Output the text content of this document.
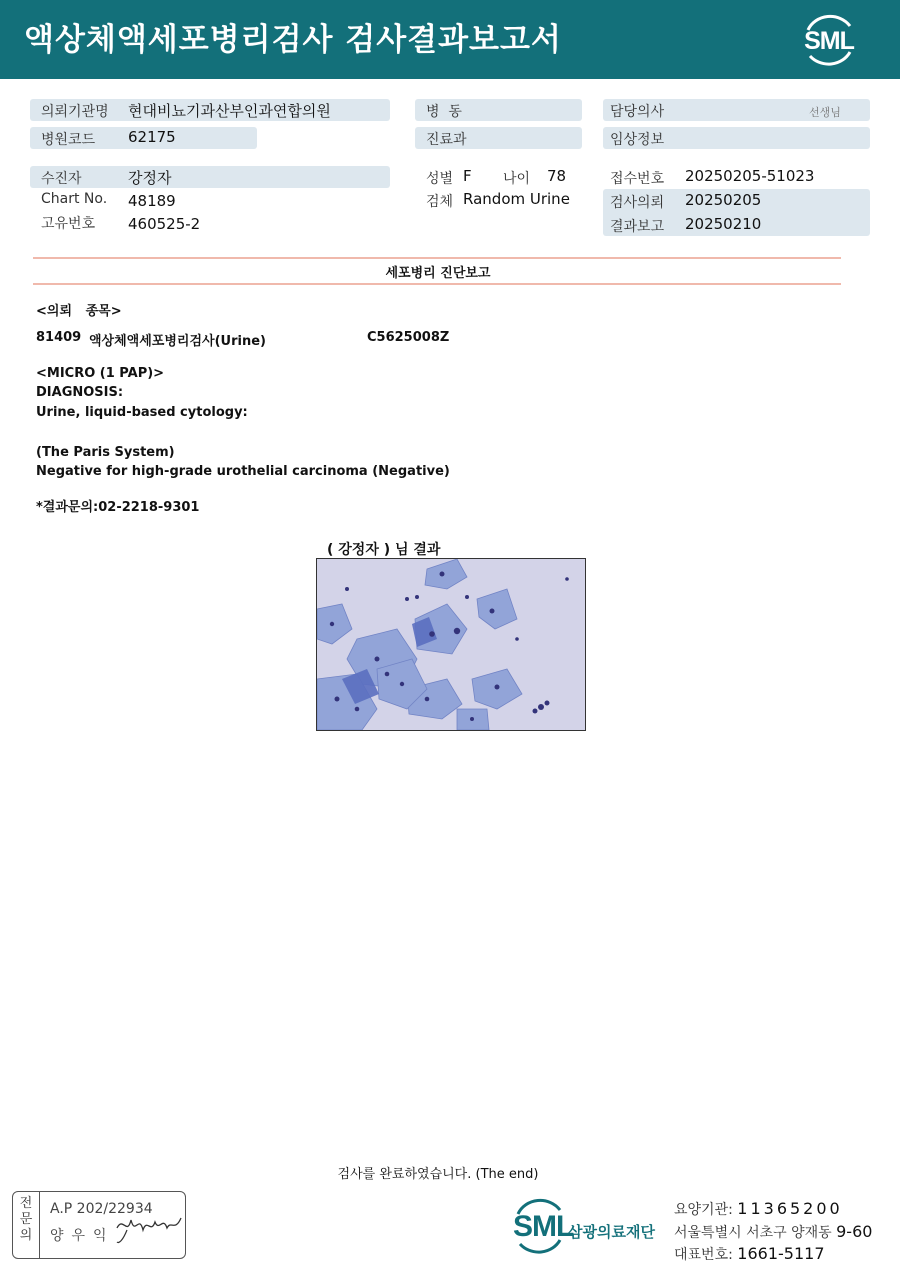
액상체액세포병리검사 검사결과보고서	SML
의뢰기관명 현대비뇨기과산부인과연합의원
병원코드 62175
병  동
진료과
담당의사	선생님
임상정보
수진자	강정자
Chart No. 48189
고유번호 460525-2
성별 F 나이 78
검체 Random Urine
접수번호 20250205-51023
검사의뢰 20250205
결과보고 20250210
세포병리 진단보고
<의뢰   종목>
81409 액상체액세포병리검사(Urine)	C5625008Z
<MICRO (1 PAP)>
DIAGNOSIS:
Urine, liquid-based cytology:
(The Paris System)
Negative for high-grade urothelial carcinoma (Negative)
*결과문의:02-2218-9301
( 강정자 ) 님 결과
검사를 완료하였습니다. (The end)
전
문
의
A.P 202/22934
양우익	SML
삼광의료재단
요양기관: 11365200
서울특별시 서초구 양재동 9-60
대표번호: 1661-5117
